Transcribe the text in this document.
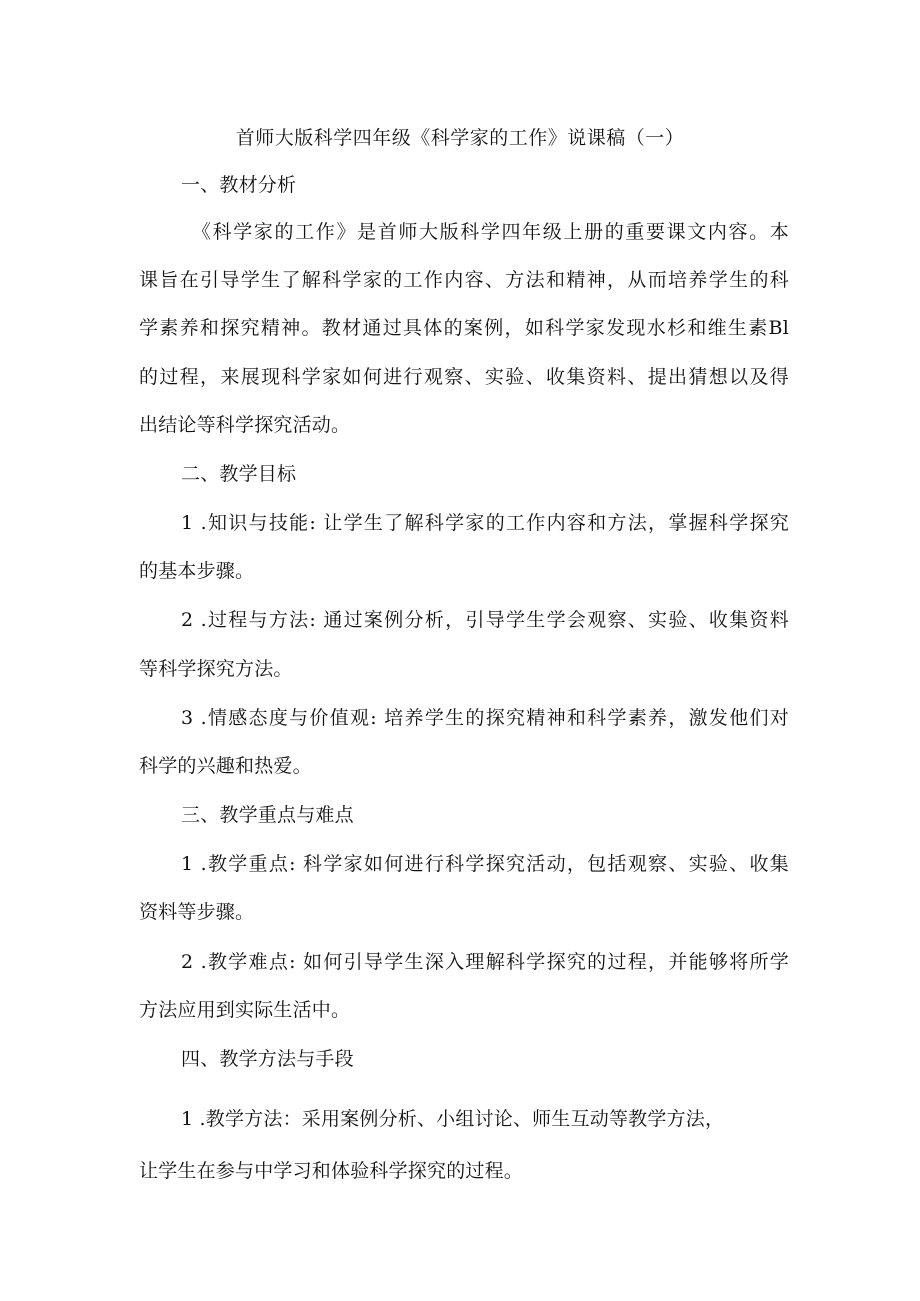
首师大版科学四年级《科学家的工作》说课稿（一）
一、教材分析
《科学家的工作》是首师大版科学四年级上册的重要课文内容。本
课旨在引导学生了解科学家的工作内容、方法和精神，从而培养学生的科
学素养和探究精神。教材通过具体的案例，如科学家发现水杉和维生素Bl
的过程，来展现科学家如何进行观察、实验、收集资料、提出猜想以及得
出结论等科学探究活动。
二、教学目标
1 .知识与技能: 让学生了解科学家的工作内容和方法，掌握科学探究
的基本步骤。
2 .过程与方法: 通过案例分析，引导学生学会观察、实验、收集资料
等科学探究方法。
3 .情感态度与价值观: 培养学生的探究精神和科学素养，激发他们对
科学的兴趣和热爱。
三、教学重点与难点
1 .教学重点: 科学家如何进行科学探究活动，包括观察、实验、收集
资料等步骤。
2 .教学难点: 如何引导学生深入理解科学探究的过程，并能够将所学
方法应用到实际生活中。
四、教学方法与手段
1 .教学方法：采用案例分析、小组讨论、师生互动等教学方法，
让学生在参与中学习和体验科学探究的过程。
